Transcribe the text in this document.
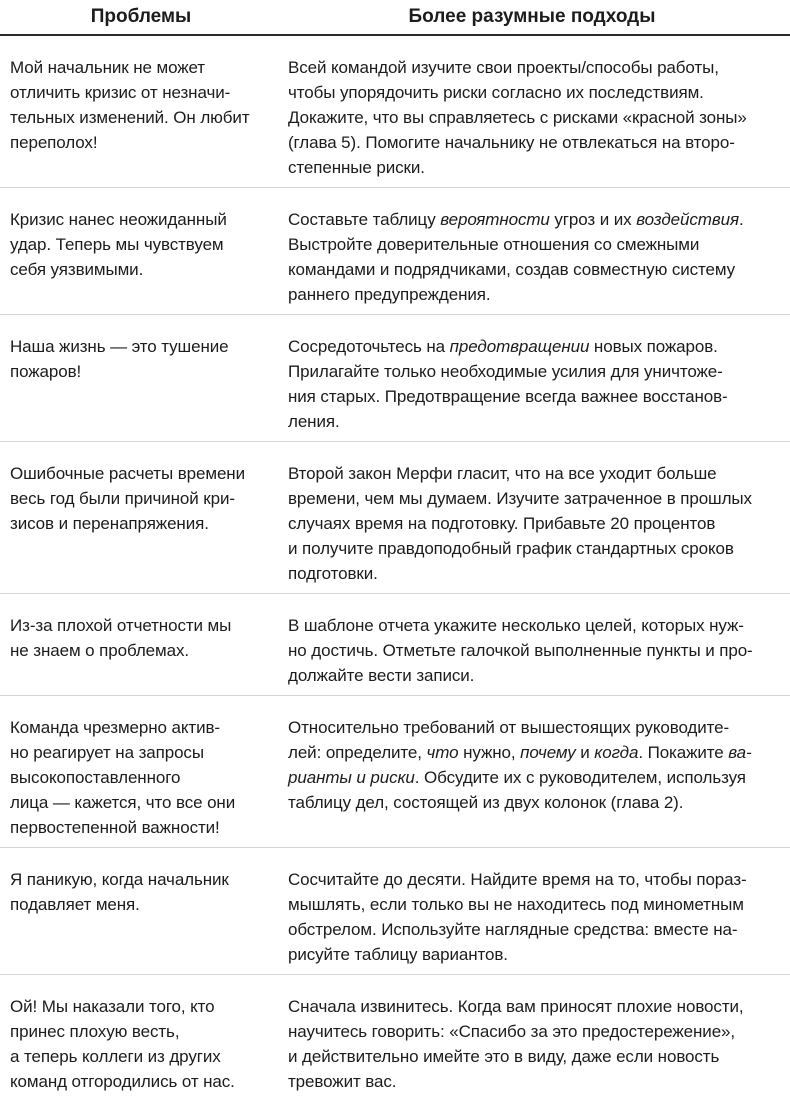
Проблемы	Более разумные подходы
Мой начальник не может
отличить кризис от незначи-
тельных изменений. Он любит
переполох!
Всей командой изучите свои проекты/способы работы,
чтобы упорядочить риски согласно их последствиям.
Докажите, что вы справляетесь с рисками «красной зоны»
(глава 5). Помогите начальнику не отвлекаться на второ-
степенные риски.
Кризис нанес неожиданный
удар. Теперь мы чувствуем
себя уязвимыми.
Составьте таблицу вероятности угроз и их воздействия.
Выстройте доверительные отношения со смежными
командами и подрядчиками, создав совместную систему
раннего предупреждения.
Наша жизнь — это тушение
пожаров!
Сосредоточьтесь на предотвращении новых пожаров.
Прилагайте только необходимые усилия для уничтоже-
ния старых. Предотвращение всегда важнее восстанов-
ления.
Ошибочные расчеты времени
весь год были причиной кри-
зисов и перенапряжения.
Второй закон Мерфи гласит, что на все уходит больше
времени, чем мы думаем. Изучите затраченное в прошлых
случаях время на подготовку. Прибавьте 20 процентов
и получите правдоподобный график стандартных сроков
подготовки.
Из-за плохой отчетности мы
не знаем о проблемах.
В шаблоне отчета укажите несколько целей, которых нуж-
но достичь. Отметьте галочкой выполненные пункты и про-
должайте вести записи.
Команда чрезмерно актив-
но реагирует на запросы
высокопоставленного
лица — кажется, что все они
первостепенной важности!
Относительно требований от вышестоящих руководите-
лей: определите, что нужно, почему и когда. Покажите ва-
рианты и риски. Обсудите их с руководителем, используя
таблицу дел, состоящей из двух колонок (глава 2).
Я паникую, когда начальник
подавляет меня.
Сосчитайте до десяти. Найдите время на то, чтобы пораз-
мышлять, если только вы не находитесь под минометным
обстрелом. Используйте наглядные средства: вместе на-
рисуйте таблицу вариантов.
Ой! Мы наказали того, кто
принес плохую весть,
а теперь коллеги из других
команд отгородились от нас.
Сначала извинитесь. Когда вам приносят плохие новости,
научитесь говорить: «Спасибо за это предостережение»,
и действительно имейте это в виду, даже если новость
тревожит вас.
